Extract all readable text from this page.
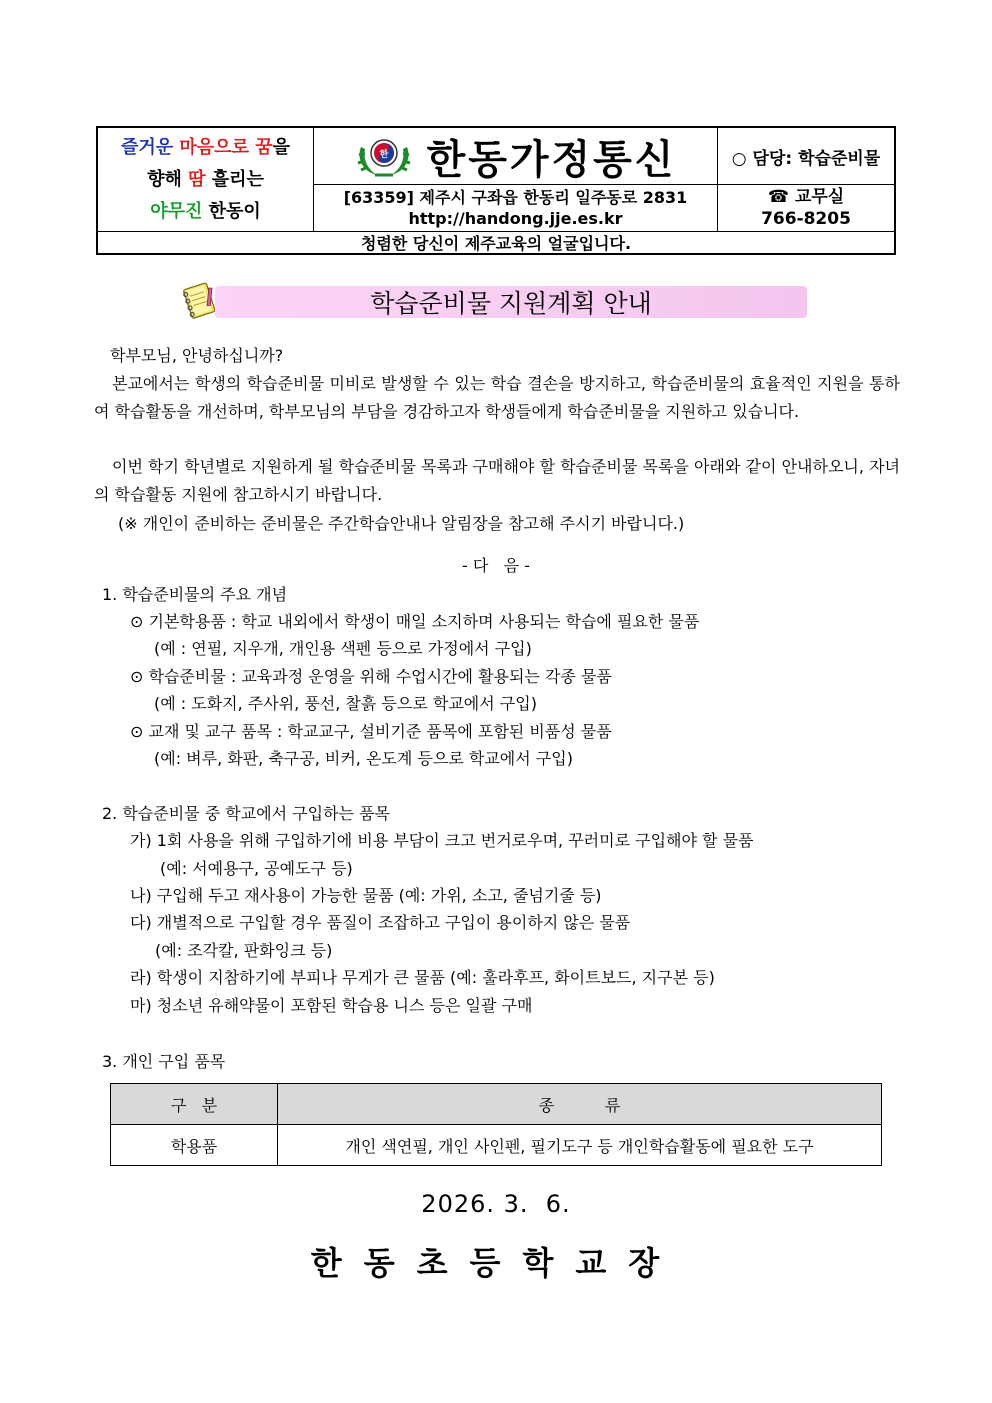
즐거운 마음으로 꿈을
향해 땀 흘리는
야무진 한동이
한 한동가정통신	○ 담당: 학습준비물
[63359] 제주시 구좌읍 한동리 일주동로 2831
http://handong.jje.es.kr
☎ 교무실
766-8205
청렴한 당신이 제주교육의 얼굴입니다.
학습준비물 지원계획 안내
학부모님, 안녕하십니까?
본교에서는 학생의 학습준비물 미비로 발생할 수 있는 학습 결손을 방지하고, 학습준비물의 효율적인 지원을 통하여 학습활동을 개선하며, 학부모님의 부담을 경감하고자 학생들에게 학습준비물을 지원하고 있습니다.
이번 학기 학년별로 지원하게 될 학습준비물 목록과 구매해야 할 학습준비물 목록을 아래와 같이 안내하오니, 자녀의 학습활동 지원에 참고하시기 바랍니다.
(※ 개인이 준비하는 준비물은 주간학습안내나 알림장을 참고해 주시기 바랍니다.)
- 다   음 -
1. 학습준비물의 주요 개념
⊙ 기본학용품 : 학교 내외에서 학생이 매일 소지하며 사용되는 학습에 필요한 물품
(예 : 연필, 지우개, 개인용 색펜 등으로 가정에서 구입)
⊙ 학습준비물 : 교육과정 운영을 위해 수업시간에 활용되는 각종 물품
(예 : 도화지, 주사위, 풍선, 찰흙 등으로 학교에서 구입)
⊙ 교재 및 교구 품목 : 학교교구, 설비기준 품목에 포함된 비품성 물품
(예: 벼루, 화판, 축구공, 비커, 온도계 등으로 학교에서 구입)
2. 학습준비물 중 학교에서 구입하는 품목
가) 1회 사용을 위해 구입하기에 비용 부담이 크고 번거로우며, 꾸러미로 구입해야 할 물품
(예: 서예용구, 공예도구 등)
나) 구입해 두고 재사용이 가능한 물품 (예: 가위, 소고, 줄넘기줄 등)
다) 개별적으로 구입할 경우 품질이 조잡하고 구입이 용이하지 않은 물품
(예: 조각칼, 판화잉크 등)
라) 학생이 지참하기에 부피나 무게가 큰 물품 (예: 훌라후프, 화이트보드, 지구본 등)
마) 청소년 유해약물이 포함된 학습용 니스 등은 일괄 구매
3. 개인 구입 품목
구   분	종          류
학용품	개인 색연필, 개인 사인펜, 필기도구 등 개인학습활동에 필요한 도구
2026. 3.  6.
한동초등학교장
